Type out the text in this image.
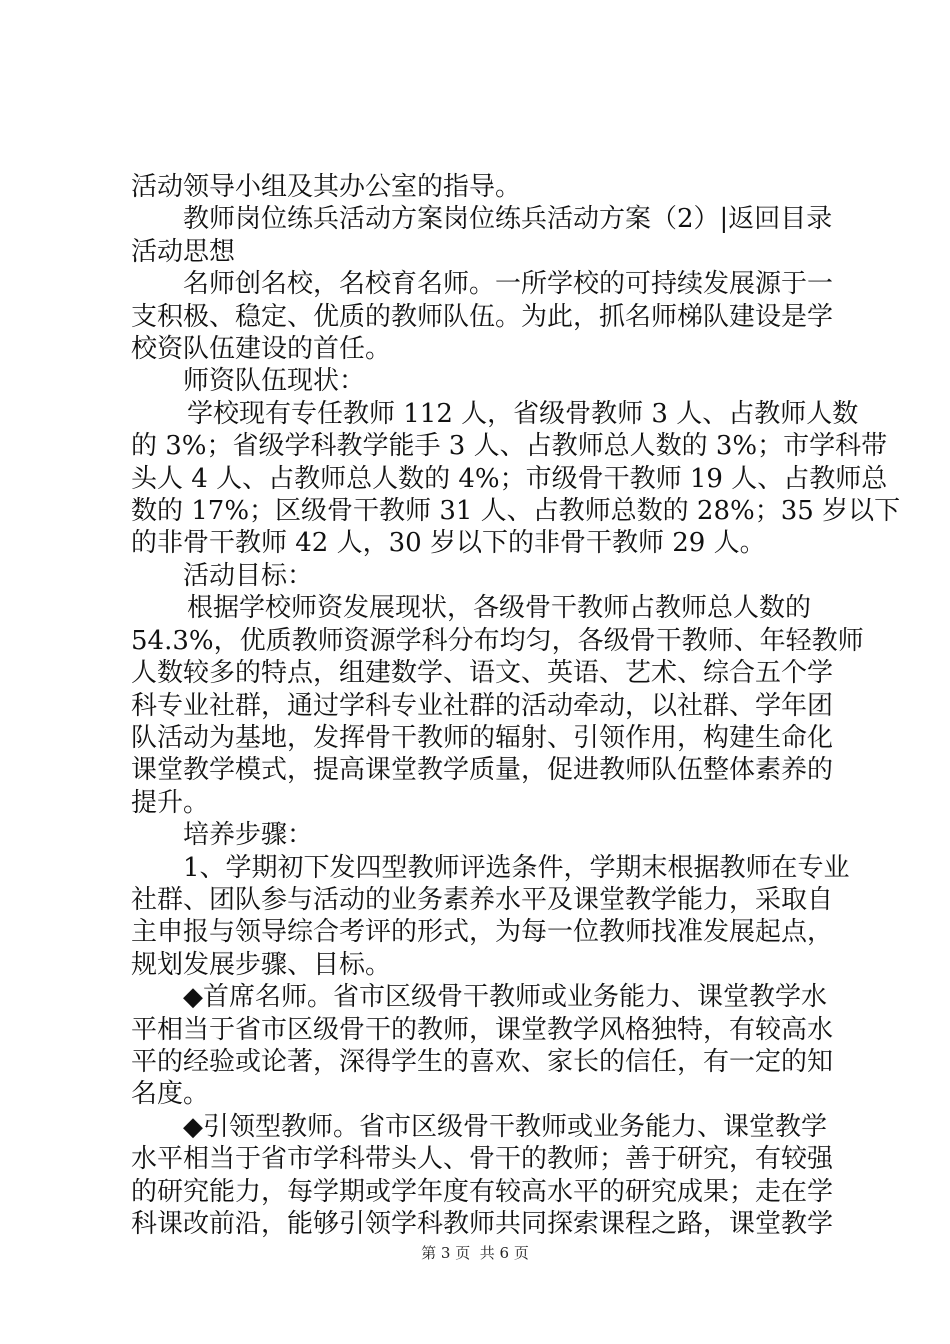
活动领导小组及其办公室的指导。
教师岗位练兵活动方案岗位练兵活动方案（2）|返回目录
活动思想
名师创名校，名校育名师。一所学校的可持续发展源于一
支积极、稳定、优质的教师队伍。为此，抓名师梯队建设是学
校资队伍建设的首任。
师资队伍现状：
学校现有专任教师 112 人，省级骨教师 3 人、占教师人数
的 3%；省级学科教学能手 3 人、占教师总人数的 3%；市学科带
头人 4 人、占教师总人数的 4%；市级骨干教师 19 人、占教师总
数的 17%；区级骨干教师 31 人、占教师总数的 28%；35 岁以下
的非骨干教师 42 人，30 岁以下的非骨干教师 29 人。
活动目标：
根据学校师资发展现状，各级骨干教师占教师总人数的
54.3%，优质教师资源学科分布均匀，各级骨干教师、年轻教师
人数较多的特点，组建数学、语文、英语、艺术、综合五个学
科专业社群，通过学科专业社群的活动牵动，以社群、学年团
队活动为基地，发挥骨干教师的辐射、引领作用，构建生命化
课堂教学模式，提高课堂教学质量，促进教师队伍整体素养的
提升。
培养步骤：
1、学期初下发四型教师评选条件，学期末根据教师在专业
社群、团队参与活动的业务素养水平及课堂教学能力，采取自
主申报与领导综合考评的形式，为每一位教师找准发展起点，
规划发展步骤、目标。
◆首席名师。省市区级骨干教师或业务能力、课堂教学水
平相当于省市区级骨干的教师，课堂教学风格独特，有较高水
平的经验或论著，深得学生的喜欢、家长的信任，有一定的知
名度。
◆引领型教师。省市区级骨干教师或业务能力、课堂教学
水平相当于省市学科带头人、骨干的教师；善于研究，有较强
的研究能力，每学期或学年度有较高水平的研究成果；走在学
科课改前沿，能够引领学科教师共同探索课程之路，课堂教学
第 3 页  共 6 页
